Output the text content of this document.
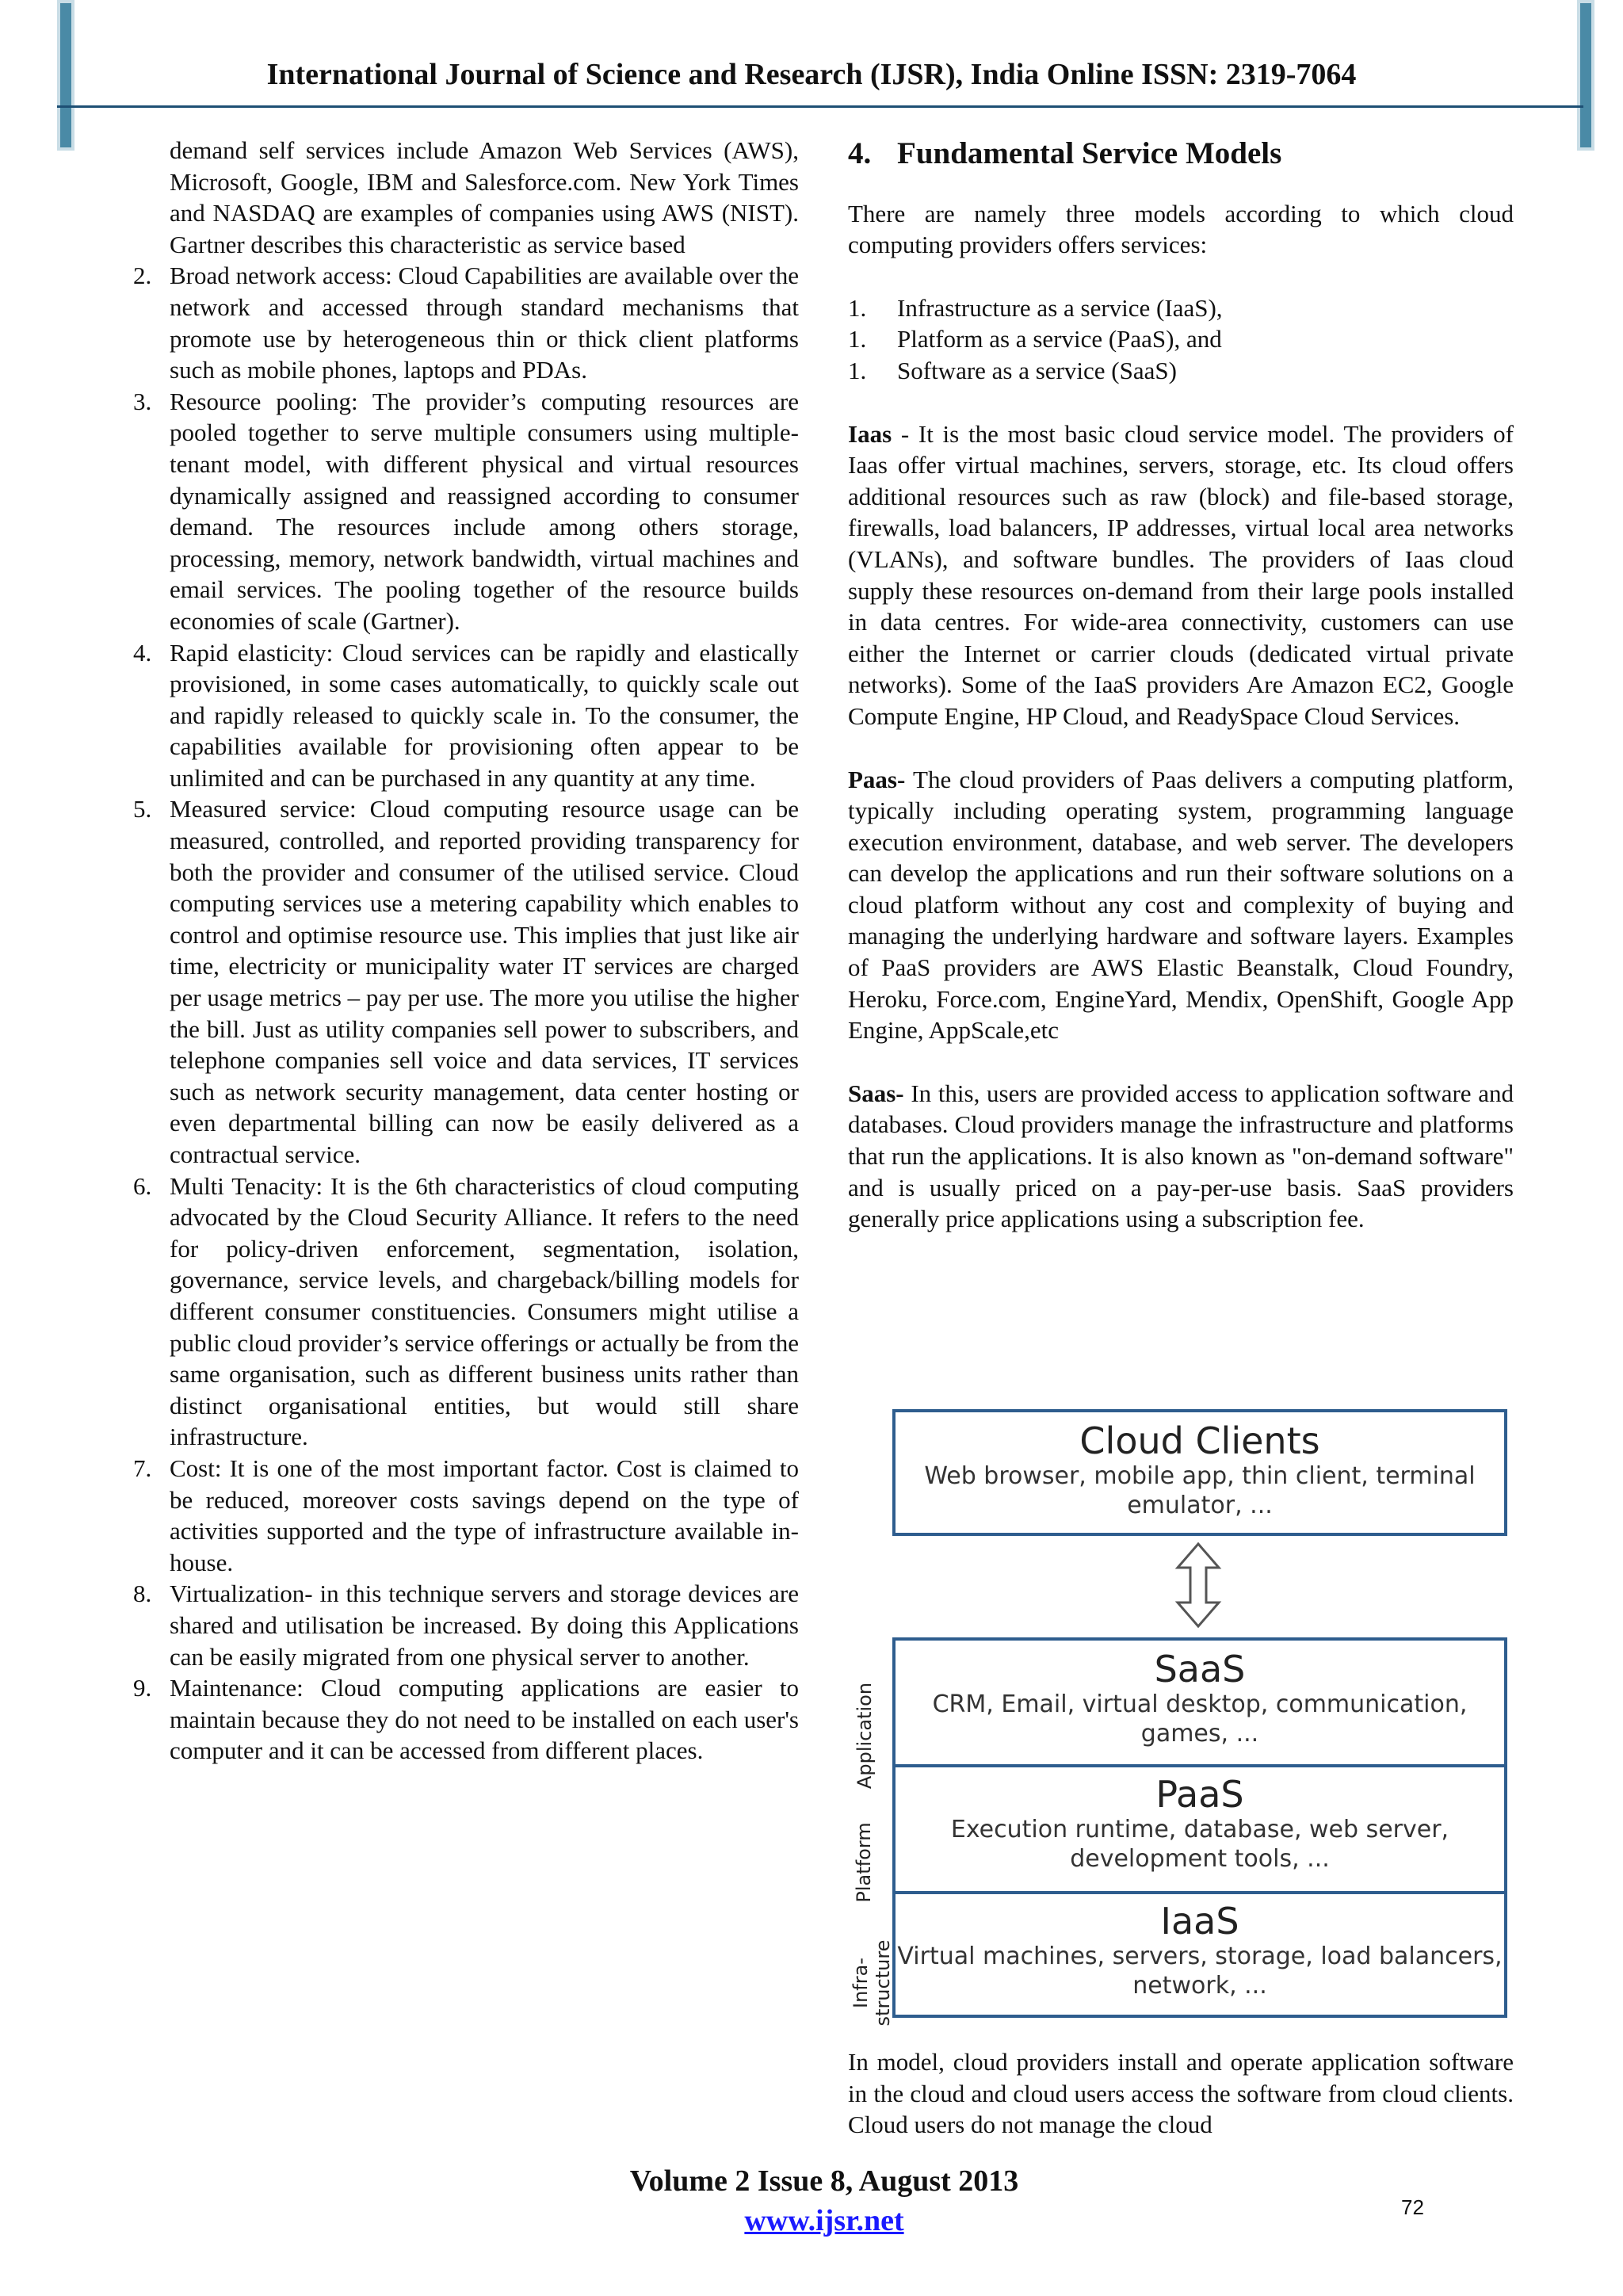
International Journal of Science and Research (IJSR), India Online ISSN: 2319-7064

demand self services include Amazon Web Services (AWS), Microsoft, Google, IBM and Salesforce.com. New York Times and NASDAQ are examples of companies using AWS (NIST). Gartner describes this characteristic as service based

2. Broad network access: Cloud Capabilities are available over the network and accessed through standard mechanisms that promote use by heterogeneous thin or thick client platforms such as mobile phones, laptops and PDAs.
3. Resource pooling: The provider’s computing resources are pooled together to serve multiple consumers using multiple-tenant model, with different physical and virtual resources dynamically assigned and reassigned according to consumer demand. The resources include among others storage, processing, memory, network bandwidth, virtual machines and email services. The pooling together of the resource builds economies of scale (Gartner).
4. Rapid elasticity: Cloud services can be rapidly and elastically provisioned, in some cases automatically, to quickly scale out and rapidly released to quickly scale in. To the consumer, the capabilities available for provisioning often appear to be unlimited and can be purchased in any quantity at any time.
5. Measured service: Cloud computing resource usage can be measured, controlled, and reported providing transparency for both the provider and consumer of the utilised service. Cloud computing services use a metering capability which enables to control and optimise resource use. This implies that just like air time, electricity or municipality water IT services are charged per usage metrics – pay per use. The more you utilise the higher the bill. Just as utility companies sell power to subscribers, and telephone companies sell voice and data services, IT services such as network security management, data center hosting or even departmental billing can now be easily delivered as a contractual service.
6. Multi Tenacity: It is the 6th characteristics of cloud computing advocated by the Cloud Security Alliance. It refers to the need for policy-driven enforcement, segmentation, isolation, governance, service levels, and chargeback/billing models for different consumer constituencies. Consumers might utilise a public cloud provider’s service offerings or actually be from the same organisation, such as different business units rather than distinct organisational entities, but would still share infrastructure.
7. Cost: It is one of the most important factor. Cost is claimed to be reduced, moreover costs savings depend on the type of activities supported and the type of infrastructure available in-house.
8. Virtualization- in this technique servers and storage devices are shared and utilisation be increased. By doing this Applications can be easily migrated from one physical server to another.
9. Maintenance: Cloud computing applications are easier to maintain because they do not need to be installed on each user's computer and it can be accessed from different places.
4. Fundamental Service Models

There are namely three models according to which cloud computing providers offers services:

1. Infrastructure as a service (IaaS),
1. Platform as a service (PaaS), and
1. Software as a service (SaaS)

Iaas - It is the most basic cloud service model. The providers of Iaas offer virtual machines, servers, storage, etc. Its cloud offers additional resources such as raw (block) and file-based storage, firewalls, load balancers, IP addresses, virtual local area networks (VLANs), and software bundles. The providers of Iaas cloud supply these resources on-demand from their large pools installed in data centres. For wide-area connectivity, customers can use either the Internet or carrier clouds (dedicated virtual private networks). Some of the IaaS providers Are Amazon EC2, Google Compute Engine, HP Cloud, and ReadySpace Cloud Services.

Paas- The cloud providers of Paas delivers a computing platform, typically including operating system, programming language execution environment, database, and web server. The developers can develop the applications and run their software solutions on a cloud platform without any cost and complexity of buying and managing the underlying hardware and software layers. Examples of PaaS providers are AWS Elastic Beanstalk, Cloud Foundry, Heroku, Force.com, EngineYard, Mendix, OpenShift, Google App Engine, AppScale,etc

Saas- In this, users are provided access to application software and databases. Cloud providers manage the infrastructure and platforms that run the applications. It is also known as "on-demand software" and is usually priced on a pay-per-use basis. SaaS providers generally price applications using a subscription fee.

Cloud Clients
Web browser, mobile app, thin client, terminal emulator, ...
SaaS
CRM, Email, virtual desktop, communication, games, ...
PaaS
Execution runtime, database, web server, development tools, ...
IaaS
Virtual machines, servers, storage, load balancers, network, ...
Application
Platform
Infra-
structure
In model, cloud providers install and operate application software in the cloud and cloud users access the software from cloud clients. Cloud users do not manage the cloud
Volume 2 Issue 8, August 2013
www.ijsr.net	72
